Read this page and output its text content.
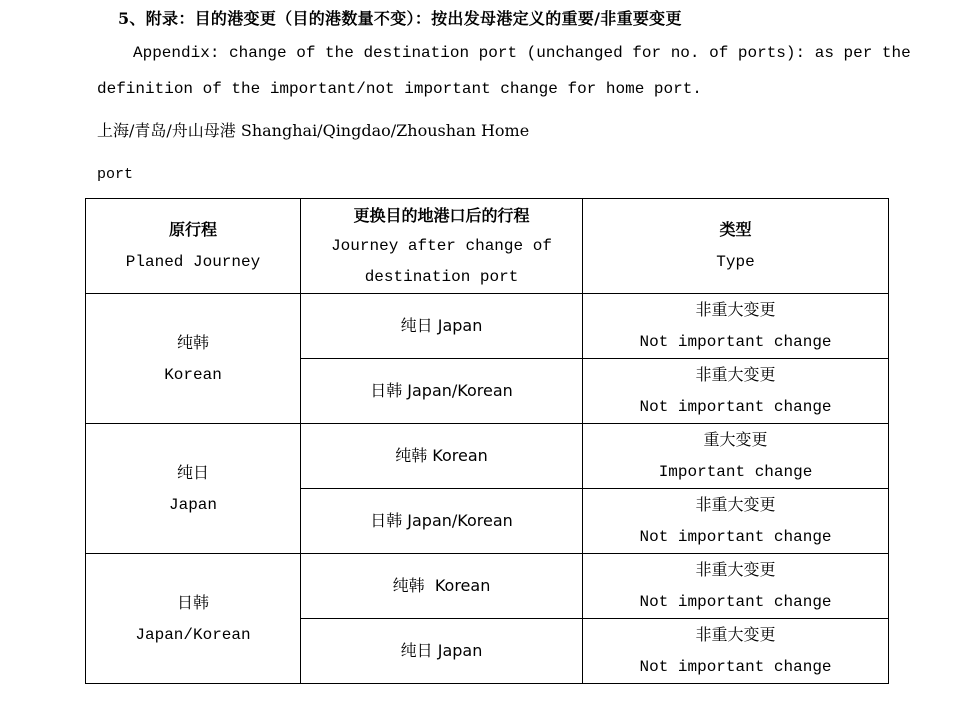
5、附录：目的港变更（目的港数量不变）：按出发母港定义的重要/非重要变更
Appendix: change of the destination port (unchanged for no. of ports): as per the
definition of the important/not important change for home port.
上海/青岛/舟山母港 Shanghai/Qingdao/Zhoushan Home
port
原行程
Planed Journey	更换目的地港口后的行程
Journey after change of
destination port	类型
Type

纯韩
Korean	纯日 Japan	非重大变更
Not important change

	日韩 Japan/Korean	非重大变更
Not important change

纯日
Japan	纯韩 Korean	重大变更
Important change

	日韩 Japan/Korean	非重大变更
Not important change

日韩
Japan/Korean	纯韩  Korean	非重大变更
Not important change

	纯日 Japan	非重大变更
Not important change
